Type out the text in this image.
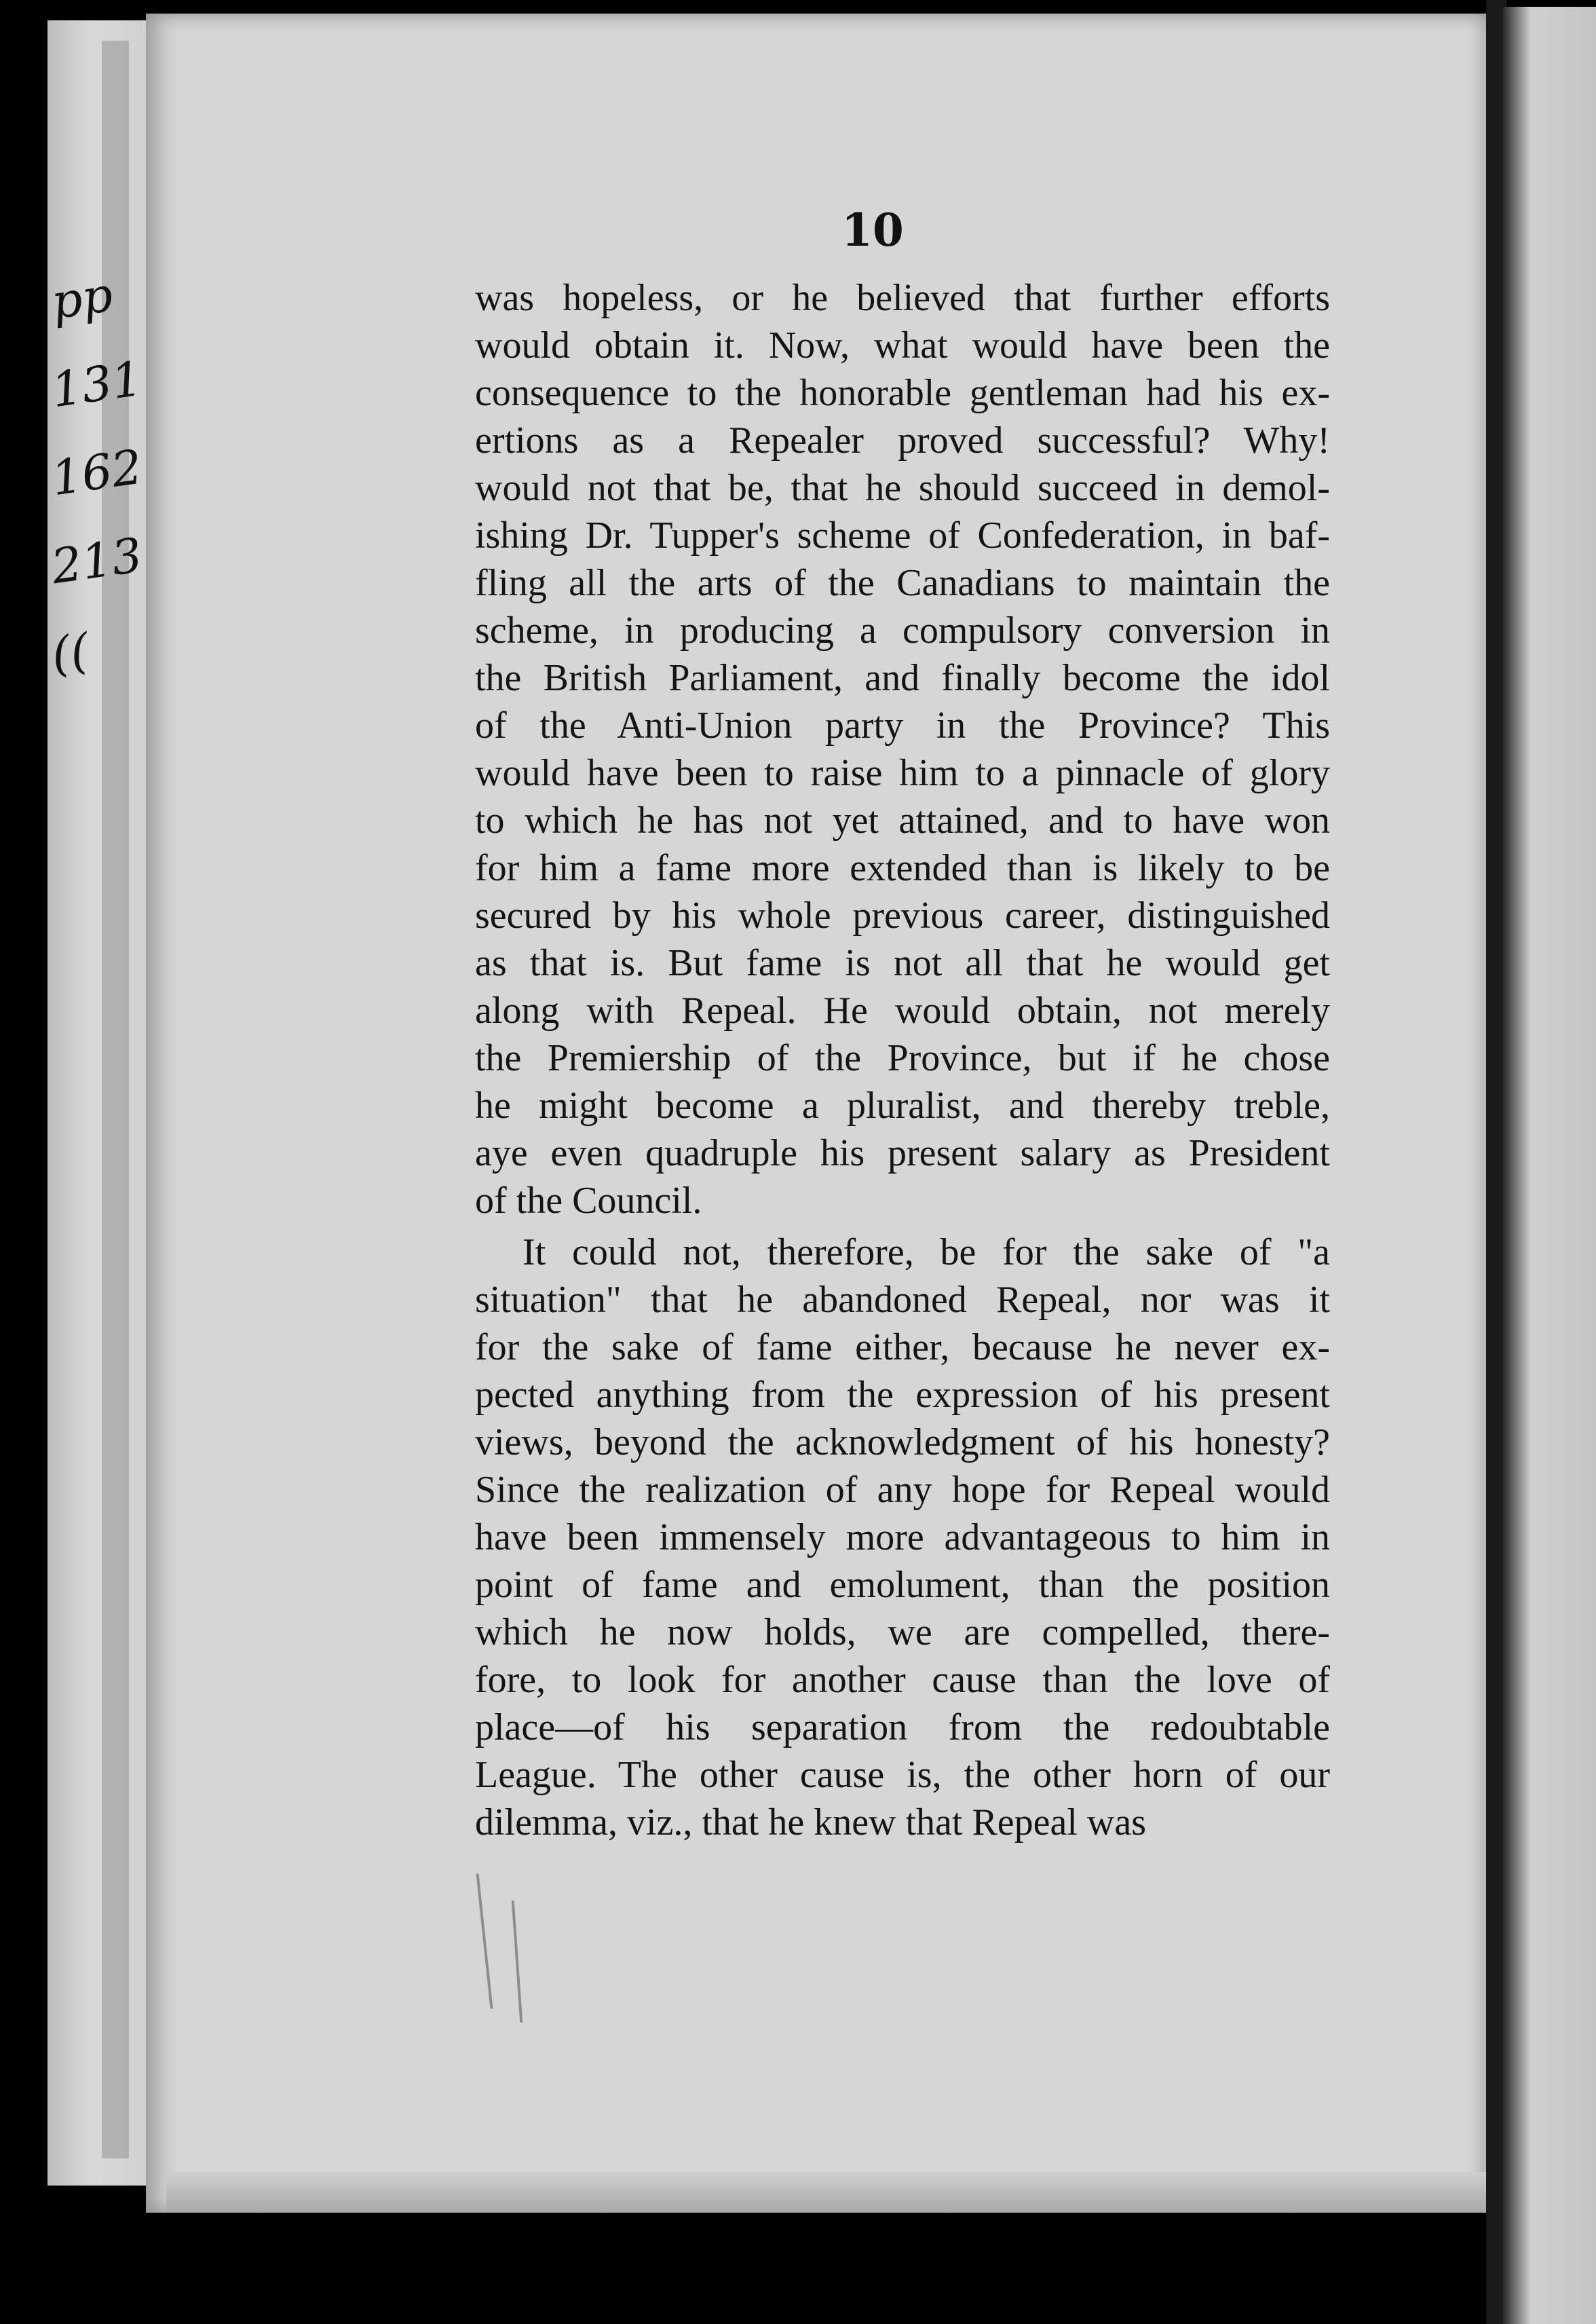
pp
131
162
213
((
10
was hopeless, or he believed that further efforts
would obtain it. Now, what would have been the
consequence to the honorable gentleman had his ex-
ertions as a Repealer proved successful? Why!
would not that be, that he should succeed in demol-
ishing Dr. Tupper's scheme of Confederation, in baf-
fling all the arts of the Canadians to maintain the
scheme, in producing a compulsory conversion in
the British Parliament, and finally become the idol
of the Anti-Union party in the Province? This
would have been to raise him to a pinnacle of glory
to which he has not yet attained, and to have won
for him a fame more extended than is likely to be
secured by his whole previous career, distinguished
as that is. But fame is not all that he would get
along with Repeal. He would obtain, not merely
the Premiership of the Province, but if he chose
he might become a pluralist, and thereby treble,
aye even quadruple his present salary as President
of the Council.
It could not, therefore, be for the sake of "a
situation" that he abandoned Repeal, nor was it
for the sake of fame either, because he never ex-
pected anything from the expression of his present
views, beyond the acknowledgment of his honesty?
Since the realization of any hope for Repeal would
have been immensely more advantageous to him in
point of fame and emolument, than the position
which he now holds, we are compelled, there-
fore, to look for another cause than the love of
place—of his separation from the redoubtable
League. The other cause is, the other horn of our
dilemma, viz., that he knew that Repeal was
